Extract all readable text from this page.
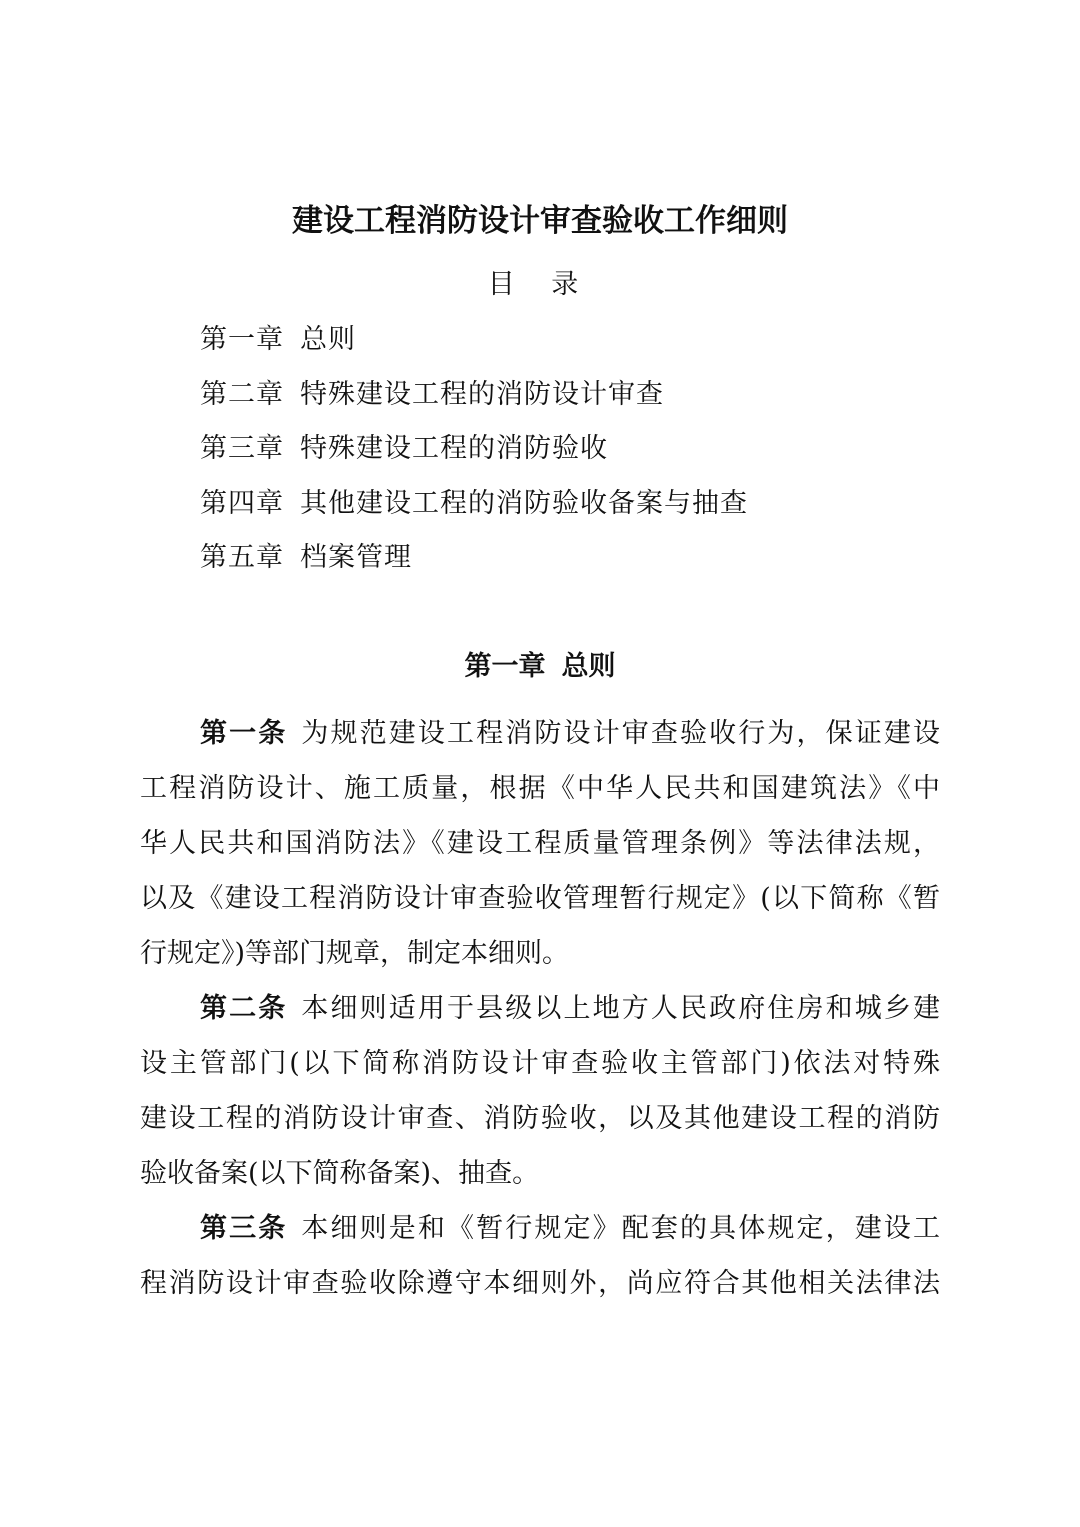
建设工程消防设计审查验收工作细则
目 录
第一章 总则
第二章 特殊建设工程的消防设计审查
第三章 特殊建设工程的消防验收
第四章 其他建设工程的消防验收备案与抽查
第五章 档案管理
第一章 总则
第一条 为规范建设工程消防设计审查验收行为，保证建设
工程消防设计、施工质量，根据《中华人民共和国建筑法》《中
华人民共和国消防法》《建设工程质量管理条例》等法律法规，
以及《建设工程消防设计审查验收管理暂行规定》(以下简称《暂
行规定》)等部门规章，制定本细则。
第二条 本细则适用于县级以上地方人民政府住房和城乡建
设主管部门(以下简称消防设计审查验收主管部门)依法对特殊
建设工程的消防设计审查、消防验收，以及其他建设工程的消防
验收备案(以下简称备案)、抽查。
第三条 本细则是和《暂行规定》配套的具体规定，建设工
程消防设计审查验收除遵守本细则外，尚应符合其他相关法律法
